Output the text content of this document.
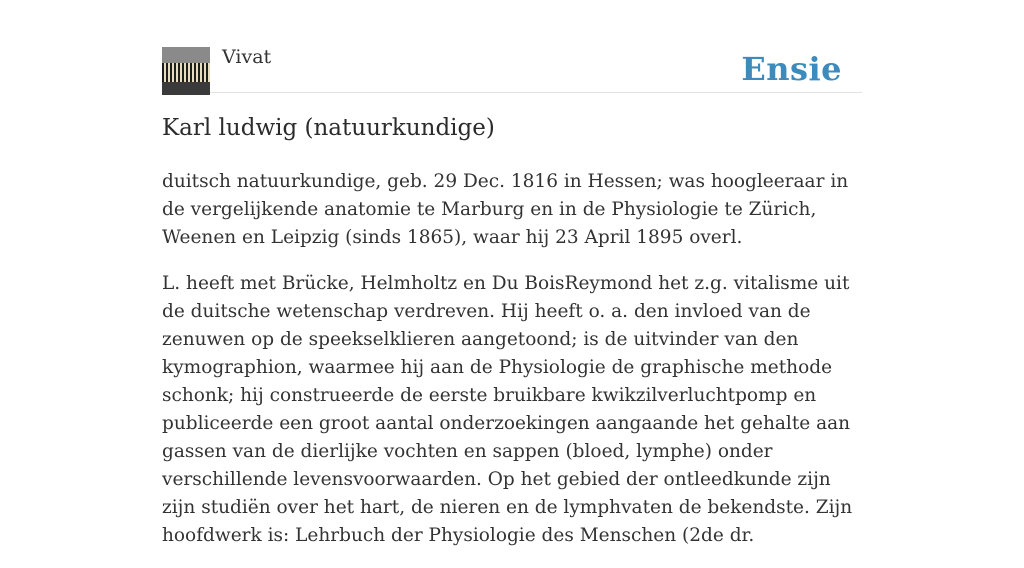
Vivat	Ensie
Karl ludwig (natuurkundige)

duitsch natuurkundige, geb. 29 Dec. 1816 in Hessen; was hoogleeraar in de vergelijkende anatomie te Marburg en in de Physiologie te Zürich, Weenen en Leipzig (sinds 1865), waar hij 23 April 1895 overl.

L. heeft met Brücke, Helmholtz en Du BoisReymond het z.g. vitalisme uit de duitsche wetenschap verdreven. Hij heeft o. a. den invloed van de zenuwen op de speekselklieren aangetoond; is de uitvinder van den kymographion, waarmee hij aan de Physiologie de graphische methode schonk; hij construeerde de eerste bruikbare kwikzilverluchtpomp en publiceerde een groot aantal onderzoekingen aangaande het gehalte aan gassen van de dierlijke vochten en sappen (bloed, lymphe) onder verschillende levensvoorwaarden. Op het gebied der ontleedkunde zijn zijn studiën over het hart, de nieren en de lymphvaten de bekendste. Zijn hoofdwerk is: Lehrbuch der Physiologie des Menschen (2de dr.
